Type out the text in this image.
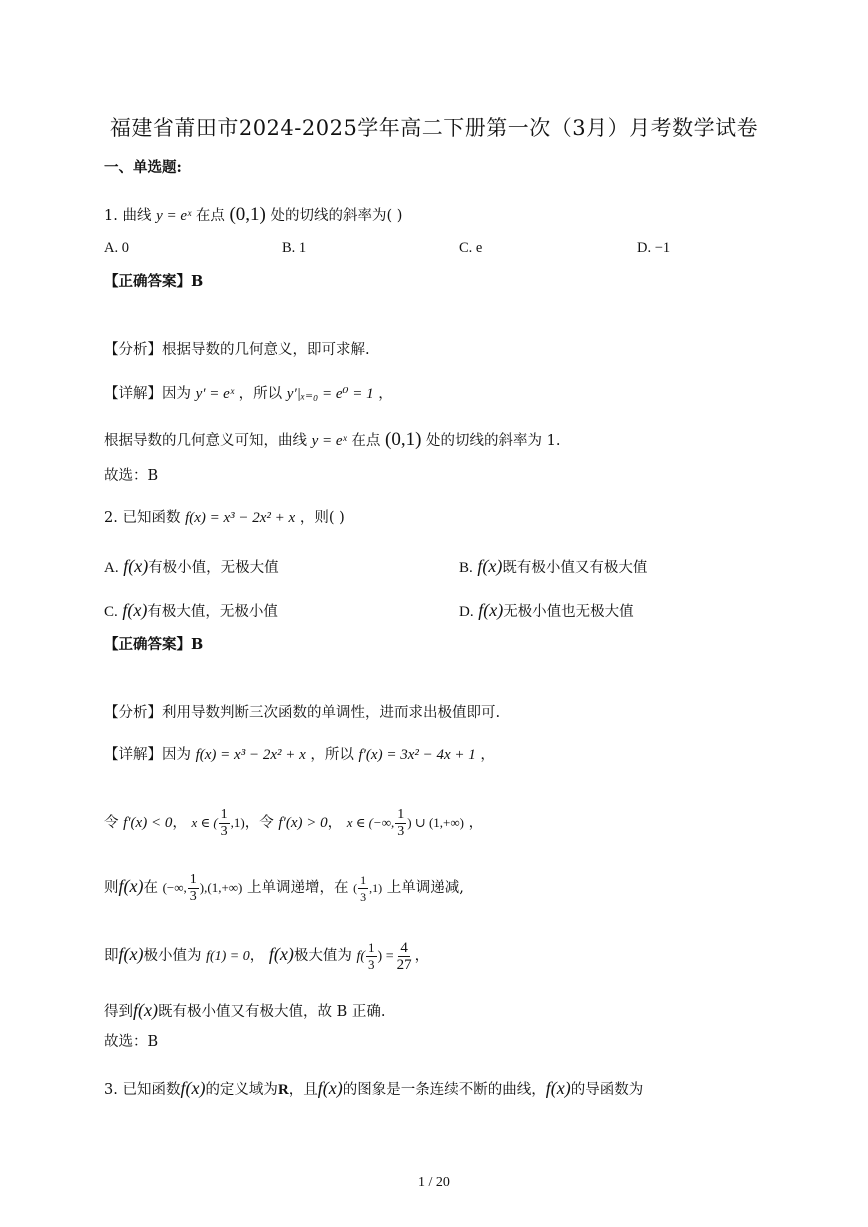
福建省莆田市2024-2025学年高二下册第一次（3月）月考数学试卷
一、单选题:
1. 曲线 y = eˣ 在点 (0,1) 处的切线的斜率为( )
A. 0	B. 1	C. e	D. −1
【正确答案】B
【分析】根据导数的几何意义，即可求解.
【详解】因为 y′ = eˣ ，所以 y′|ₓ₌₀ = e⁰ = 1 ，
根据导数的几何意义可知，曲线 y = eˣ 在点 (0,1) 处的切线的斜率为 1.
故选：B
2. 已知函数 f(x) = x³ − 2x² + x ，则( )
A. f(x)有极小值，无极大值	B. f(x)既有极小值又有极大值
C. f(x)有极大值，无极小值	D. f(x)无极小值也无极大值
【正确答案】B
【分析】利用导数判断三次函数的单调性，进而求出极值即可.
【详解】因为 f(x) = x³ − 2x² + x ，所以 f′(x) = 3x² − 4x + 1 ，
令 f′(x) < 0， x ∈ ( $\frac{1}{3} ,1$)，令 f′(x) > 0， x ∈ (−∞, $\frac{1}{3}$ ) ∪ (1,+∞) ，
则f(x)在 (−∞, $\frac{1}{3} ),(1,+\infty)$ 上单调递增，在 ( $\frac{1}{3} ,1$) 上单调递减,
即f(x)极小值为 f(1) = 0， f(x)极大值为 $f( \frac{1}{3}$ ) = $\frac{4}{27}$ ，
得到f(x)既有极小值又有极大值，故 B 正确.
故选：B
3. 已知函数f(x)的定义域为R，且f(x)的图象是一条连续不断的曲线，f(x)的导函数为
1 / 20
